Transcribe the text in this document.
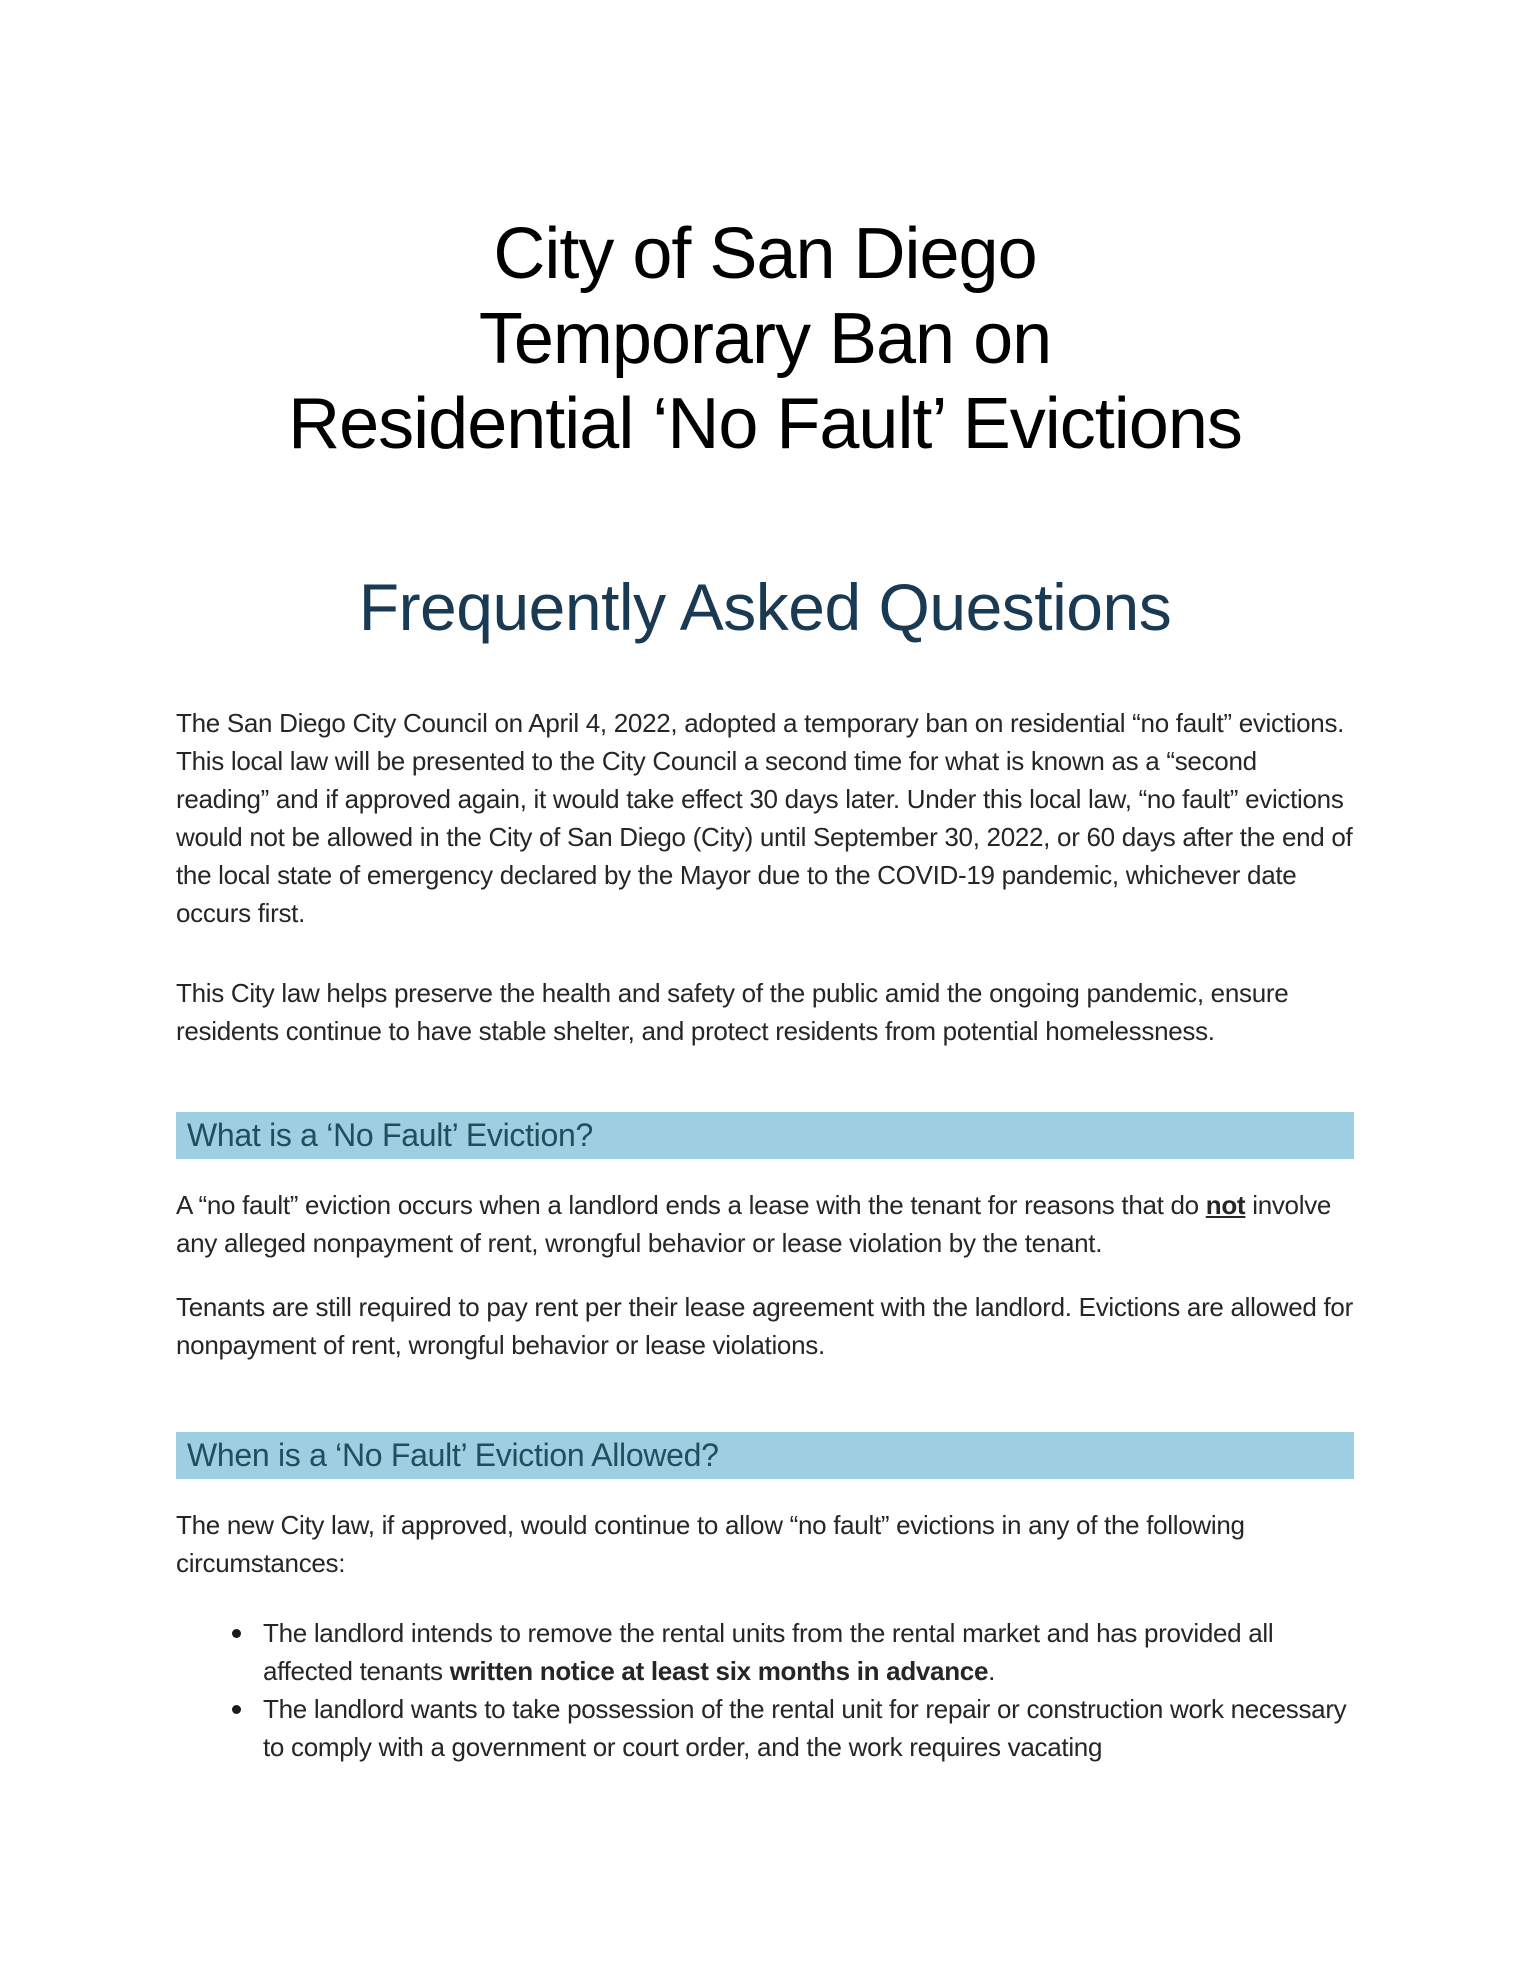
City of San Diego
Temporary Ban on
Residential ‘No Fault’ Evictions
Frequently Asked Questions

The San Diego City Council on April 4, 2022, adopted a temporary ban on residential “no fault” evictions. This local law will be presented to the City Council a second time for what is known as a “second reading” and if approved again, it would take effect 30 days later. Under this local law, “no fault” evictions would not be allowed in the City of San Diego (City) until September 30, 2022, or 60 days after the end of the local state of emergency declared by the Mayor due to the COVID-19 pandemic, whichever date occurs first.

This City law helps preserve the health and safety of the public amid the ongoing pandemic, ensure residents continue to have stable shelter, and protect residents from potential homelessness.

What is a ‘No Fault’ Eviction?

A “no fault” eviction occurs when a landlord ends a lease with the tenant for reasons that do not involve any alleged nonpayment of rent, wrongful behavior or lease violation by the tenant.

Tenants are still required to pay rent per their lease agreement with the landlord. Evictions are allowed for nonpayment of rent, wrongful behavior or lease violations.

When is a ‘No Fault’ Eviction Allowed?

The new City law, if approved, would continue to allow “no fault” evictions in any of the following circumstances:

The landlord intends to remove the rental units from the rental market and has provided all affected tenants written notice at least six months in advance.
The landlord wants to take possession of the rental unit for repair or construction work necessary to comply with a government or court order, and the work requires vacating
